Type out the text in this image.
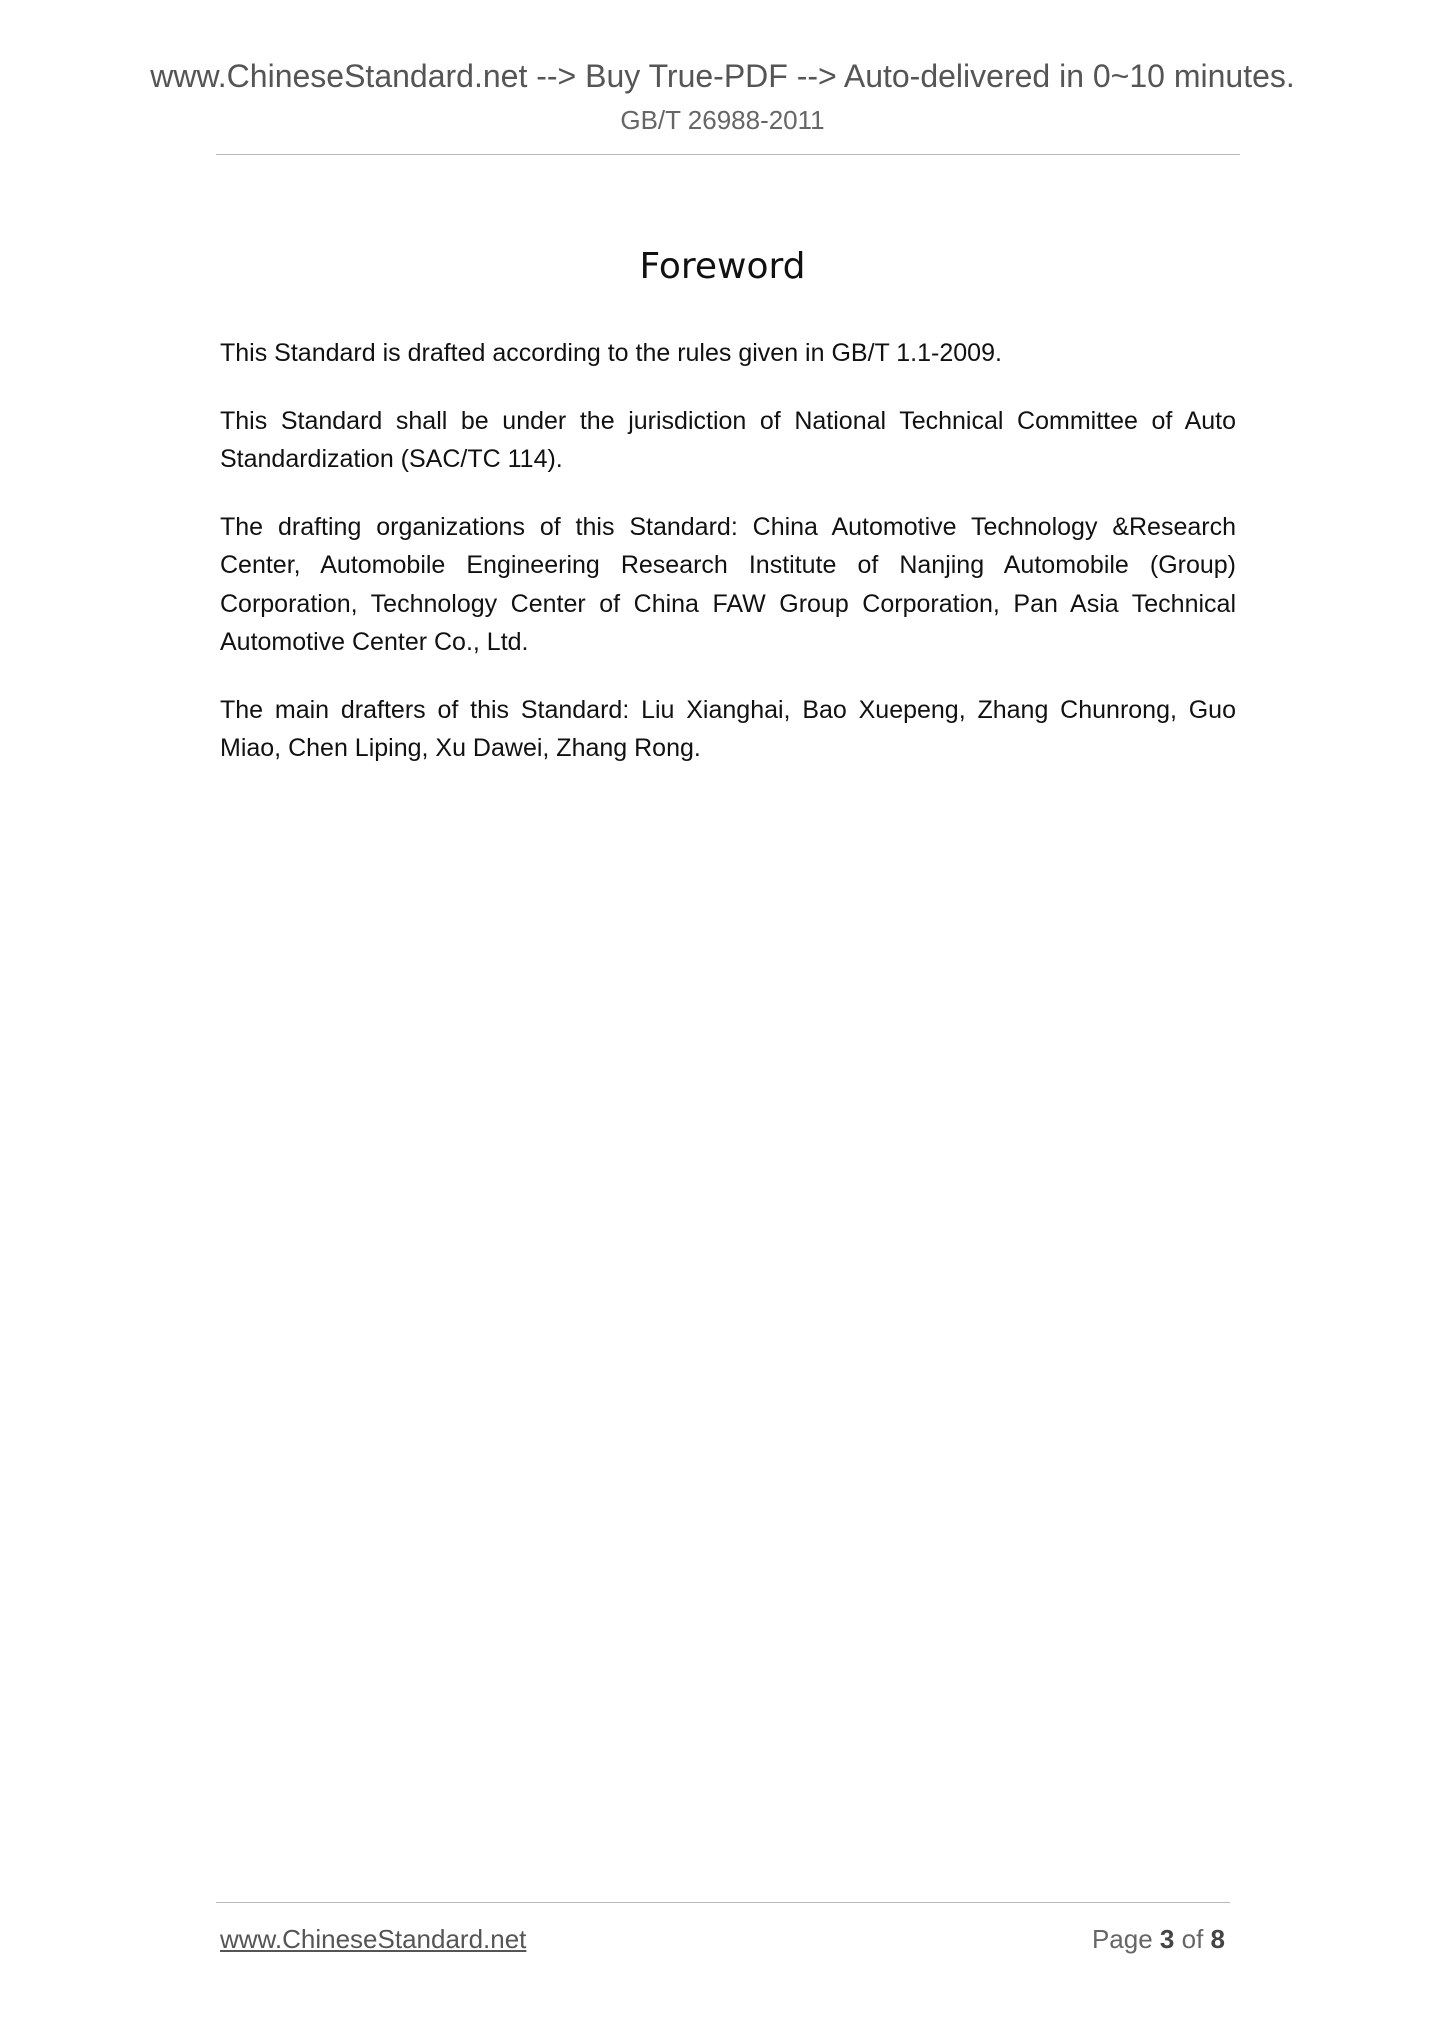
www.ChineseStandard.net --> Buy True-PDF --> Auto-delivered in 0~10 minutes.
GB/T 26988-2011
Foreword

This Standard is drafted according to the rules given in GB/T 1.1-2009.

This Standard shall be under the jurisdiction of National Technical Committee of Auto Standardization (SAC/TC 114).

The drafting organizations of this Standard: China Automotive Technology &Research Center, Automobile Engineering Research Institute of Nanjing Automobile (Group) Corporation, Technology Center of China FAW Group Corporation, Pan Asia Technical Automotive Center Co., Ltd.

The main drafters of this Standard: Liu Xianghai, Bao Xuepeng, Zhang Chunrong, Guo Miao, Chen Liping, Xu Dawei, Zhang Rong.

www.ChineseStandard.net	Page 3 of 8
